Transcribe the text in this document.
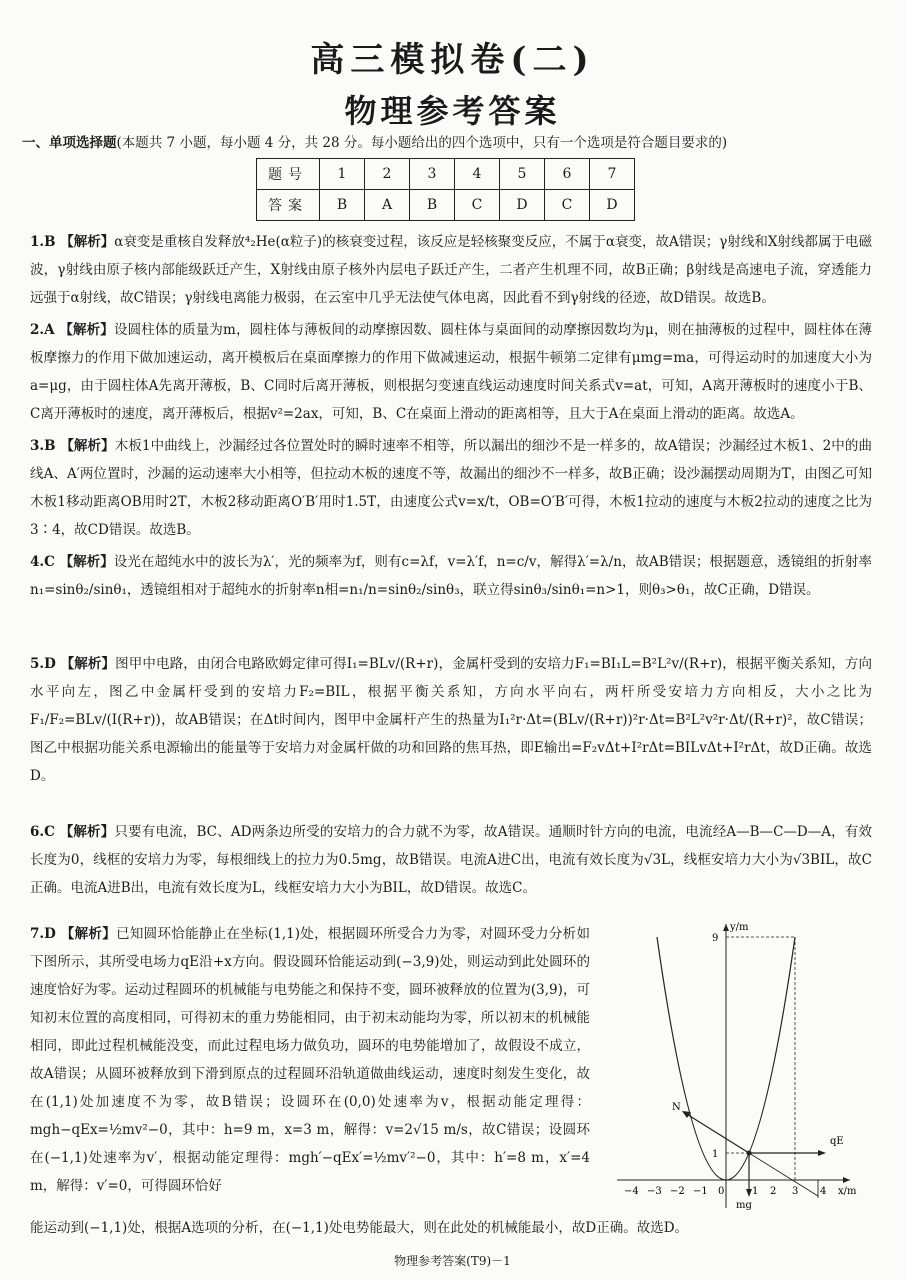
高三模拟卷(二)
物理参考答案
一、单项选择题(本题共 7 小题，每小题 4 分，共 28 分。每小题给出的四个选项中，只有一个选项是符合题目要求的)
题号	1	2	3	4	5	6	7
答案	B	A	B	C	D	C	D
1.B 【解析】α衰变是重核自发释放⁴₂He(α粒子)的核衰变过程，该反应是轻核聚变反应，不属于α衰变，故A错误；γ射线和X射线都属于电磁波，γ射线由原子核内部能级跃迁产生，X射线由原子核外内层电子跃迁产生，二者产生机理不同，故B正确；β射线是高速电子流，穿透能力远强于α射线，故C错误；γ射线电离能力极弱，在云室中几乎无法使气体电离，因此看不到γ射线的径迹，故D错误。故选B。
2.A 【解析】设圆柱体的质量为m，圆柱体与薄板间的动摩擦因数、圆柱体与桌面间的动摩擦因数均为μ，则在抽薄板的过程中，圆柱体在薄板摩擦力的作用下做加速运动，离开模板后在桌面摩擦力的作用下做减速运动，根据牛顿第二定律有μmg=ma，可得运动时的加速度大小为a=μg，由于圆柱体A先离开薄板，B、C同时后离开薄板，则根据匀变速直线运动速度时间关系式v=at，可知，A离开薄板时的速度小于B、C离开薄板时的速度，离开薄板后，根据v²=2ax，可知，B、C在桌面上滑动的距离相等，且大于A在桌面上滑动的距离。故选A。
3.B 【解析】木板1中曲线上，沙漏经过各位置处时的瞬时速率不相等，所以漏出的细沙不是一样多的，故A错误；沙漏经过木板1、2中的曲线A、A′两位置时，沙漏的运动速率大小相等，但拉动木板的速度不等，故漏出的细沙不一样多，故B正确；设沙漏摆动周期为T，由图乙可知木板1移动距离OB用时2T，木板2移动距离O′B′用时1.5T，由速度公式v=x/t，OB=O′B′可得，木板1拉动的速度与木板2拉动的速度之比为3∶4，故CD错误。故选B。
4.C 【解析】设光在超纯水中的波长为λ′，光的频率为f，则有c=λf，v=λ′f，n=c/v，解得λ′=λ/n，故AB错误；根据题意，透镜组的折射率n₁=sinθ₂/sinθ₁，透镜组相对于超纯水的折射率n相=n₁/n=sinθ₂/sinθ₃，联立得sinθ₃/sinθ₁=n>1，则θ₃>θ₁，故C正确，D错误。
5.D 【解析】图甲中电路，由闭合电路欧姆定律可得I₁=BLv/(R+r)，金属杆受到的安培力F₁=BI₁L=B²L²v/(R+r)，根据平衡关系知，方向水平向左，图乙中金属杆受到的安培力F₂=BIL，根据平衡关系知，方向水平向右，两杆所受安培力方向相反，大小之比为F₁/F₂=BLv/(I(R+r))，故AB错误；在Δt时间内，图甲中金属杆产生的热量为I₁²r·Δt=(BLv/(R+r))²r·Δt=B²L²v²r·Δt/(R+r)²，故C错误；图乙中根据功能关系电源输出的能量等于安培力对金属杆做的功和回路的焦耳热，即E输出=F₂vΔt+I²rΔt=BILvΔt+I²rΔt，故D正确。故选D。
6.C 【解析】只要有电流，BC、AD两条边所受的安培力的合力就不为零，故A错误。通顺时针方向的电流，电流经A—B—C—D—A，有效长度为0，线框的安培力为零，每根细线上的拉力为0.5mg，故B错误。电流A进C出，电流有效长度为√3L，线框安培力大小为√3BIL，故C正确。电流A进B出，电流有效长度为L，线框安培力大小为BIL，故D错误。故选C。
7.D 【解析】已知圆环恰能静止在坐标(1,1)处，根据圆环所受合力为零，对圆环受力分析如下图所示，其所受电场力qE沿+x方向。假设圆环恰能运动到(−3,9)处，则运动到此处圆环的速度恰好为零。运动过程圆环的机械能与电势能之和保持不变，圆环被释放的位置为(3,9)，可知初末位置的高度相同，可得初末的重力势能相同，由于初末动能均为零，所以初末的机械能相同，即此过程机械能没变，而此过程电场力做负功，圆环的电势能增加了，故假设不成立，故A错误；从圆环被释放到下滑到原点的过程圆环沿轨道做曲线运动，速度时刻发生变化，故在(1,1)处加速度不为零，故B错误；设圆环在(0,0)处速率为v，根据动能定理得：mgh−qEx=½mv²−0，其中：h=9 m，x=3 m，解得：v=2√15 m/s，故C错误；设圆环在(−1,1)处速率为v′，根据动能定理得：mgh′−qEx′=½mv′²−0，其中：h′=8 m，x′=4 m，解得：v′=0，可得圆环恰好
能运动到(−1,1)处，根据A选项的分析，在(−1,1)处电势能最大，则在此处的机械能最小，故D正确。故选D。
y/m
x/m
9
1
N
qE
mg
−4 −3 −2 −1 0	1 2 3 4
物理参考答案(T9)－1
